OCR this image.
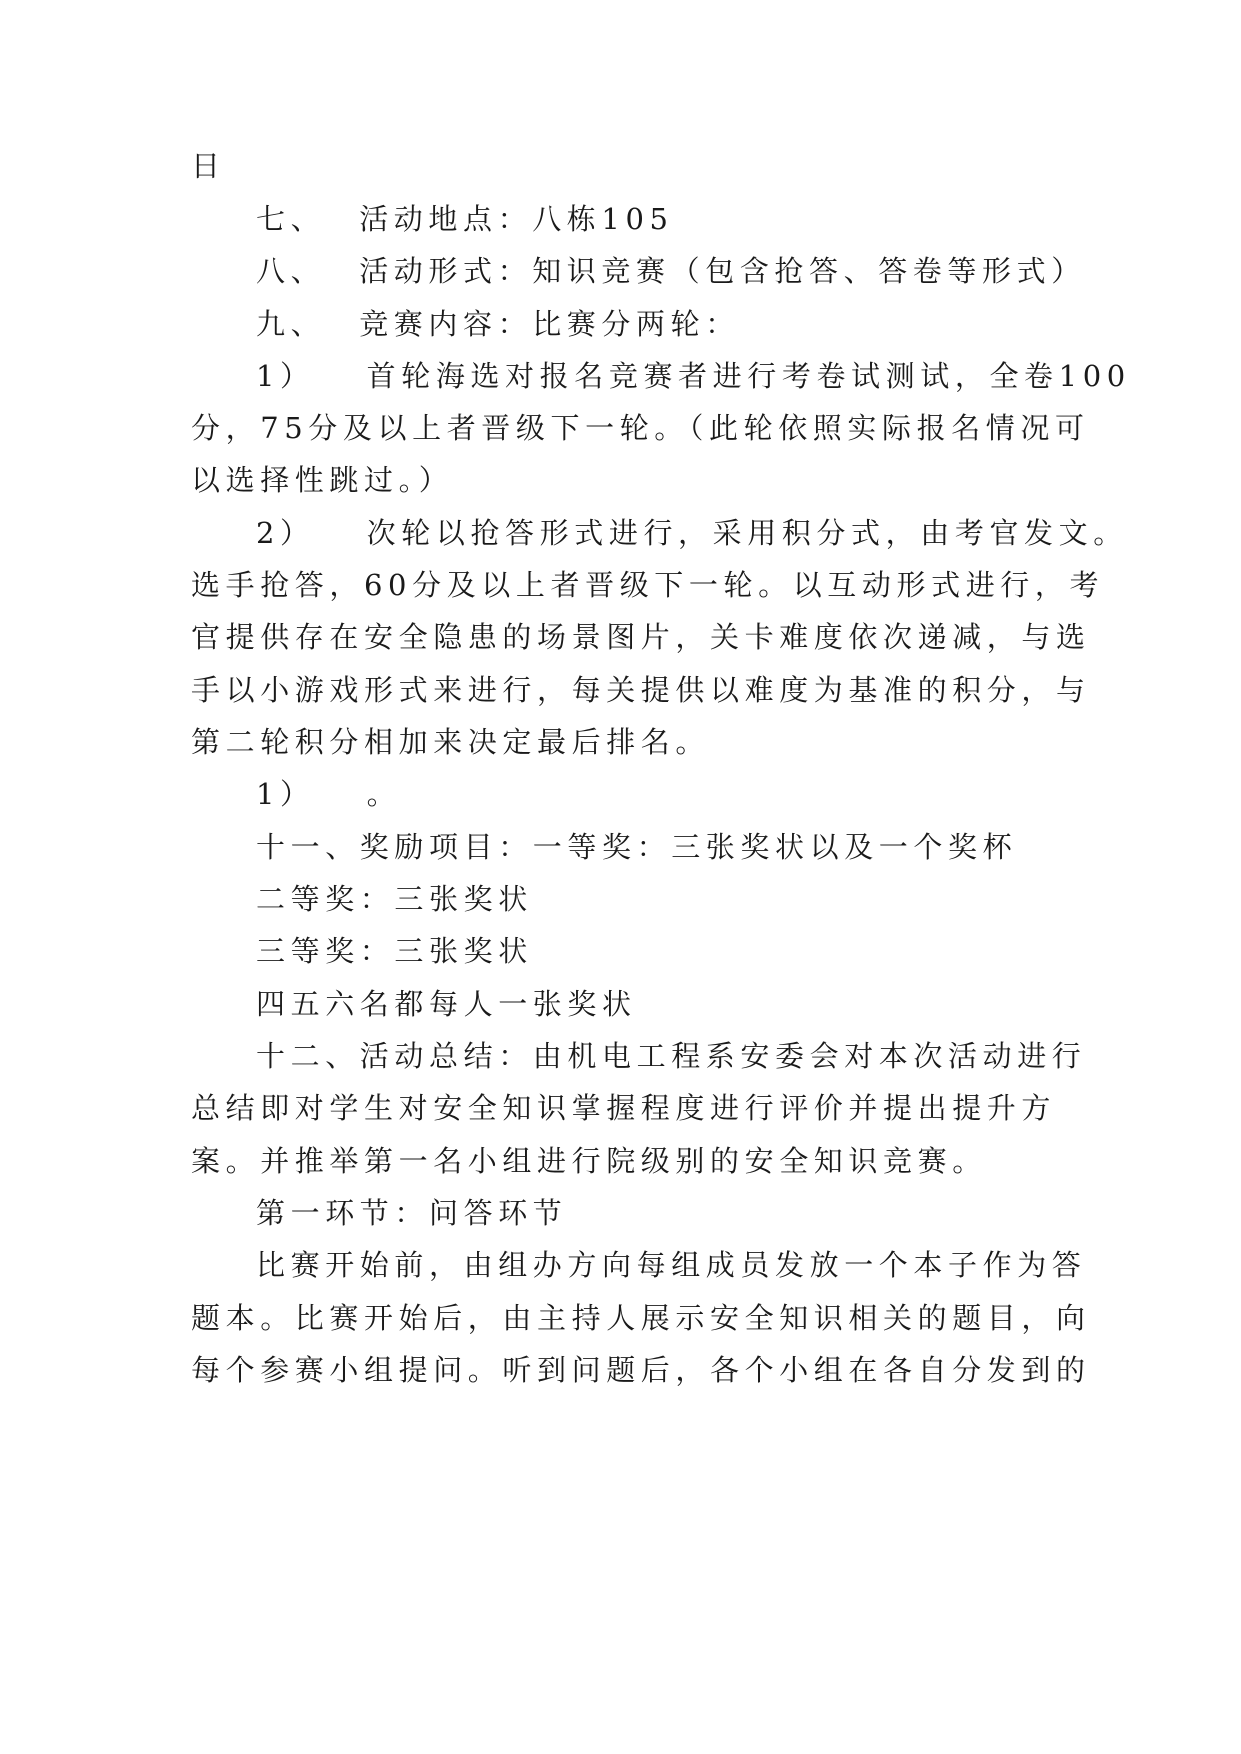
日
七、 活动地点：八栋105
八、 活动形式：知识竞赛（包含抢答、答卷等形式）
九、 竞赛内容：比赛分两轮：
1） 首轮海选对报名竞赛者进行考卷试测试，全卷100
分，75分及以上者晋级下一轮。（此轮依照实际报名情况可
以选择性跳过。）
2） 次轮以抢答形式进行，采用积分式，由考官发文。
选手抢答，60分及以上者晋级下一轮。以互动形式进行，考
官提供存在安全隐患的场景图片，关卡难度依次递减，与选
手以小游戏形式来进行，每关提供以难度为基准的积分，与
第二轮积分相加来决定最后排名。
1） 。
十一、奖励项目：一等奖：三张奖状以及一个奖杯
二等奖：三张奖状
三等奖：三张奖状
四五六名都每人一张奖状
十二、活动总结：由机电工程系安委会对本次活动进行
总结即对学生对安全知识掌握程度进行评价并提出提升方
案。并推举第一名小组进行院级别的安全知识竞赛。
第一环节：问答环节
比赛开始前，由组办方向每组成员发放一个本子作为答
题本。比赛开始后，由主持人展示安全知识相关的题目，向
每个参赛小组提问。听到问题后，各个小组在各自分发到的
